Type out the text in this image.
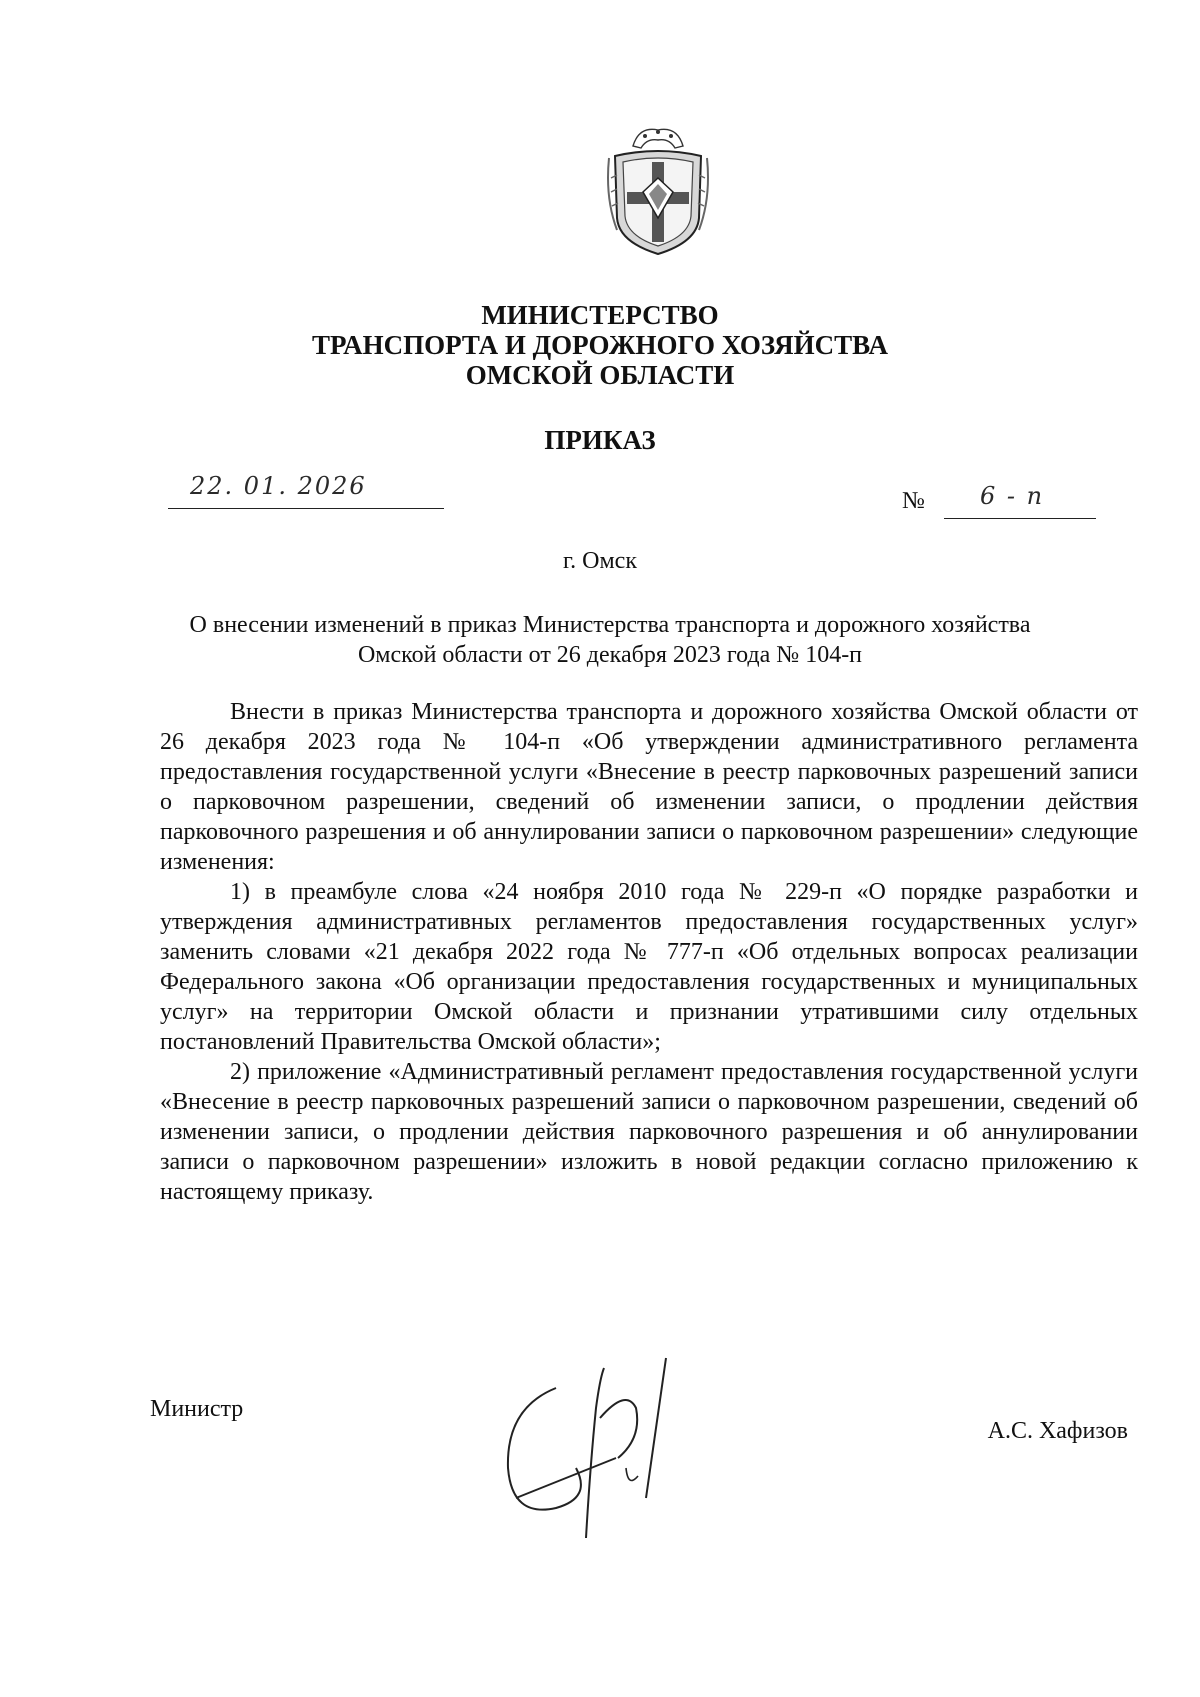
МИНИСТЕРСТВО
ТРАНСПОРТА И ДОРОЖНОГО ХОЗЯЙСТВА
ОМСКОЙ ОБЛАСТИ
ПРИКАЗ
22. 01. 2026
№ 6 - п
г. Омск
О внесении изменений в приказ Министерства транспорта и дорожного хозяйства Омской области от 26 декабря 2023 года № 104-п

Внести в приказ Министерства транспорта и дорожного хозяйства Омской области от 26 декабря 2023 года № 104-п «Об утверждении административного регламента предоставления государственной услуги «Внесение в реестр парковочных разрешений записи о парковочном разрешении, сведений об изменении записи, о продлении действия парковочного разрешения и об аннулировании записи о парковочном разрешении» следующие изменения:

1) в преамбуле слова «24 ноября 2010 года № 229-п «О порядке разработки и утверждения административных регламентов предоставления государственных услуг» заменить словами «21 декабря 2022 года № 777-п «Об отдельных вопросах реализации Федерального закона «Об организации предоставления государственных и муниципальных услуг» на территории Омской области и признании утратившими силу отдельных постановлений Правительства Омской области»;

2) приложение «Административный регламент предоставления государственной услуги «Внесение в реестр парковочных разрешений записи о парковочном разрешении, сведений об изменении записи, о продлении действия парковочного разрешения и об аннулировании записи о парковочном разрешении» изложить в новой редакции согласно приложению к настоящему приказу.

Министр
А.С. Хафизов
